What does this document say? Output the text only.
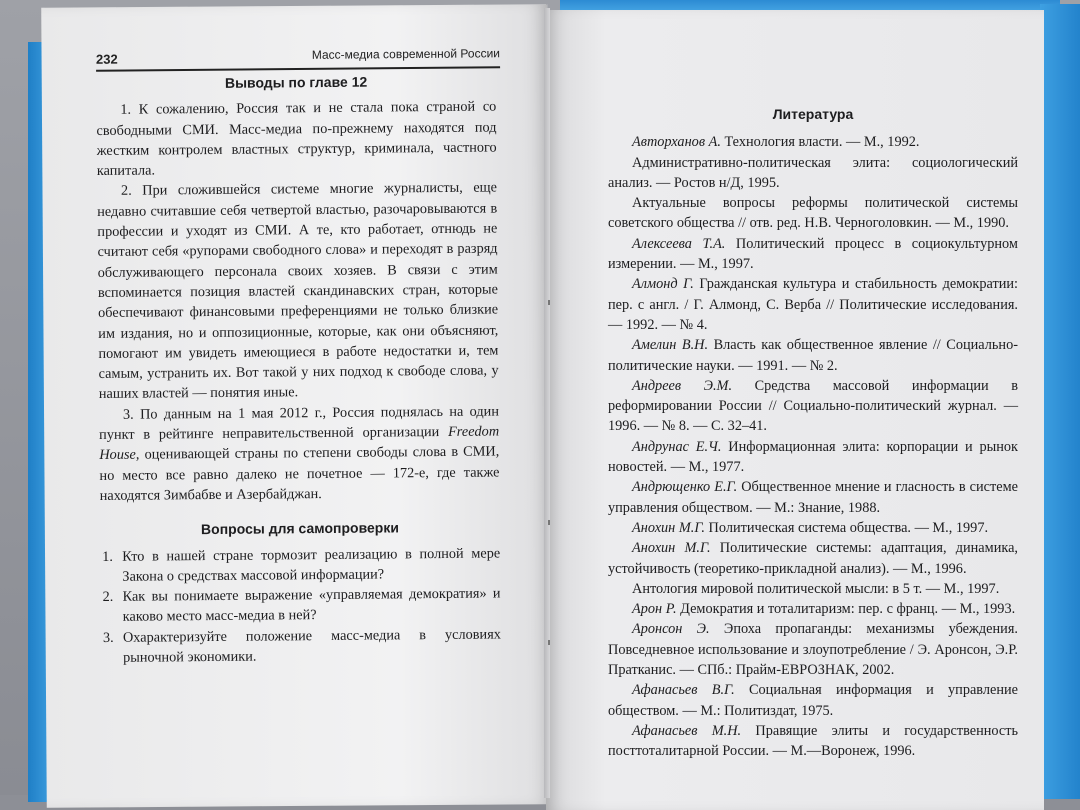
232	Масс-медиа современной России
Выводы по главе 12

1. К сожалению, Россия так и не стала пока страной со свободными СМИ. Масс-медиа по-прежнему находятся под жестким контролем властных структур, криминала, частного капитала.

2. При сложившейся системе многие журналисты, еще недавно считавшие себя четвертой властью, разочаровываются в профессии и уходят из СМИ. А те, кто работает, отнюдь не считают себя «рупорами свободного слова» и переходят в разряд обслуживающего персонала своих хозяев. В связи с этим вспоминается позиция властей скандинавских стран, которые обеспечивают финансовыми преференциями не только близкие им издания, но и оппозиционные, которые, как они объясняют, помогают им увидеть имеющиеся в работе недостатки и, тем самым, устранить их. Вот такой у них подход к свободе слова, у наших властей — понятия иные.

3. По данным на 1 мая 2012 г., Россия поднялась на один пункт в рейтинге неправительственной организации Freedom House, оценивающей страны по степени свободы слова в СМИ, но место все равно далеко не почетное — 172-е, где также находятся Зимбабве и Азербайджан.

Вопросы для самопроверки
1. Кто в нашей стране тормозит реализацию в полной мере Закона о средствах массовой информации?
2. Как вы понимаете выражение «управляемая демократия» и каково место масс-медиа в ней?
3. Охарактеризуйте положение масс-медиа в условиях рыночной экономики.
Литература

Авторханов А. Технология власти. — М., 1992.

Административно-политическая элита: социологический анализ. — Ростов н/Д, 1995.

Актуальные вопросы реформы политической системы советского общества // отв. ред. Н.В. Черноголовкин. — М., 1990.

Алексеева Т.А. Политический процесс в социокультурном измерении. — М., 1997.

Алмонд Г. Гражданская культура и стабильность демократии: пер. с англ. / Г. Алмонд, С. Верба // Политические исследования. — 1992. — № 4.

Амелин В.Н. Власть как общественное явление // Социально-политические науки. — 1991. — № 2.

Андреев Э.М. Средства массовой информации в реформировании России // Социально-политический журнал. — 1996. — № 8. — С. 32–41.

Андрунас Е.Ч. Информационная элита: корпорации и рынок новостей. — М., 1977.

Андрющенко Е.Г. Общественное мнение и гласность в системе управления обществом. — М.: Знание, 1988.

Анохин М.Г. Политическая система общества. — М., 1997.

Анохин М.Г. Политические системы: адаптация, динамика, устойчивость (теоретико-прикладной анализ). — М., 1996.

Антология мировой политической мысли: в 5 т. — М., 1997.

Арон Р. Демократия и тоталитаризм: пер. с франц. — М., 1993.

Аронсон Э. Эпоха пропаганды: механизмы убеждения. Повседневное использование и злоупотребление / Э. Аронсон, Э.Р. Пратканис. — СПб.: Прайм-ЕВРОЗНАК, 2002.

Афанасьев В.Г. Социальная информация и управление обществом. — М.: Политиздат, 1975.

Афанасьев М.Н. Правящие элиты и государственность посттоталитарной России. — М.—Воронеж, 1996.
